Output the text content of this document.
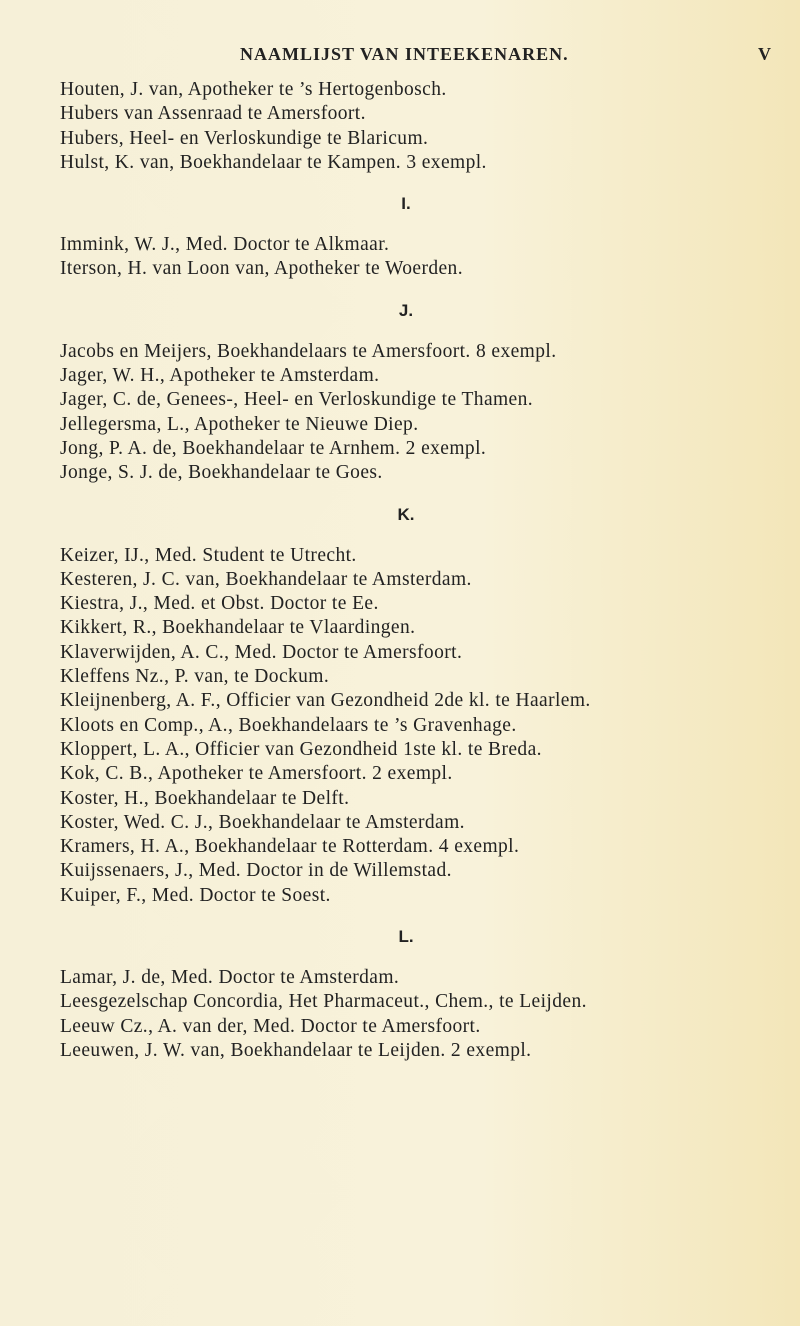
NAAMLIJST VAN INTEEKENAREN.	V
Houten, J. van, Apotheker te ’s Hertogenbosch.
Hubers van Assenraad te Amersfoort.
Hubers, Heel- en Verloskundige te Blaricum.
Hulst, K. van, Boekhandelaar te Kampen. 3 exempl.
I.
Immink, W. J., Med. Doctor te Alkmaar.
Iterson, H. van Loon van, Apotheker te Woerden.
J.
Jacobs en Meijers, Boekhandelaars te Amersfoort. 8 exempl.
Jager, W. H., Apotheker te Amsterdam.
Jager, C. de, Genees-, Heel- en Verloskundige te Thamen.
Jellegersma, L., Apotheker te Nieuwe Diep.
Jong, P. A. de, Boekhandelaar te Arnhem. 2 exempl.
Jonge, S. J. de, Boekhandelaar te Goes.
K.
Keizer, IJ., Med. Student te Utrecht.
Kesteren, J. C. van, Boekhandelaar te Amsterdam.
Kiestra, J., Med. et Obst. Doctor te Ee.
Kikkert, R., Boekhandelaar te Vlaardingen.
Klaverwijden, A. C., Med. Doctor te Amersfoort.
Kleffens Nz., P. van, te Dockum.
Kleijnenberg, A. F., Officier van Gezondheid 2de kl. te Haarlem.
Kloots en Comp., A., Boekhandelaars te ’s Gravenhage.
Kloppert, L. A., Officier van Gezondheid 1ste kl. te Breda.
Kok, C. B., Apotheker te Amersfoort. 2 exempl.
Koster, H., Boekhandelaar te Delft.
Koster, Wed. C. J., Boekhandelaar te Amsterdam.
Kramers, H. A., Boekhandelaar te Rotterdam. 4 exempl.
Kuijssenaers, J., Med. Doctor in de Willemstad.
Kuiper, F., Med. Doctor te Soest.
L.
Lamar, J. de, Med. Doctor te Amsterdam.
Leesgezelschap Concordia, Het Pharmaceut., Chem., te Leijden.
Leeuw Cz., A. van der, Med. Doctor te Amersfoort.
Leeuwen, J. W. van, Boekhandelaar te Leijden. 2 exempl.
